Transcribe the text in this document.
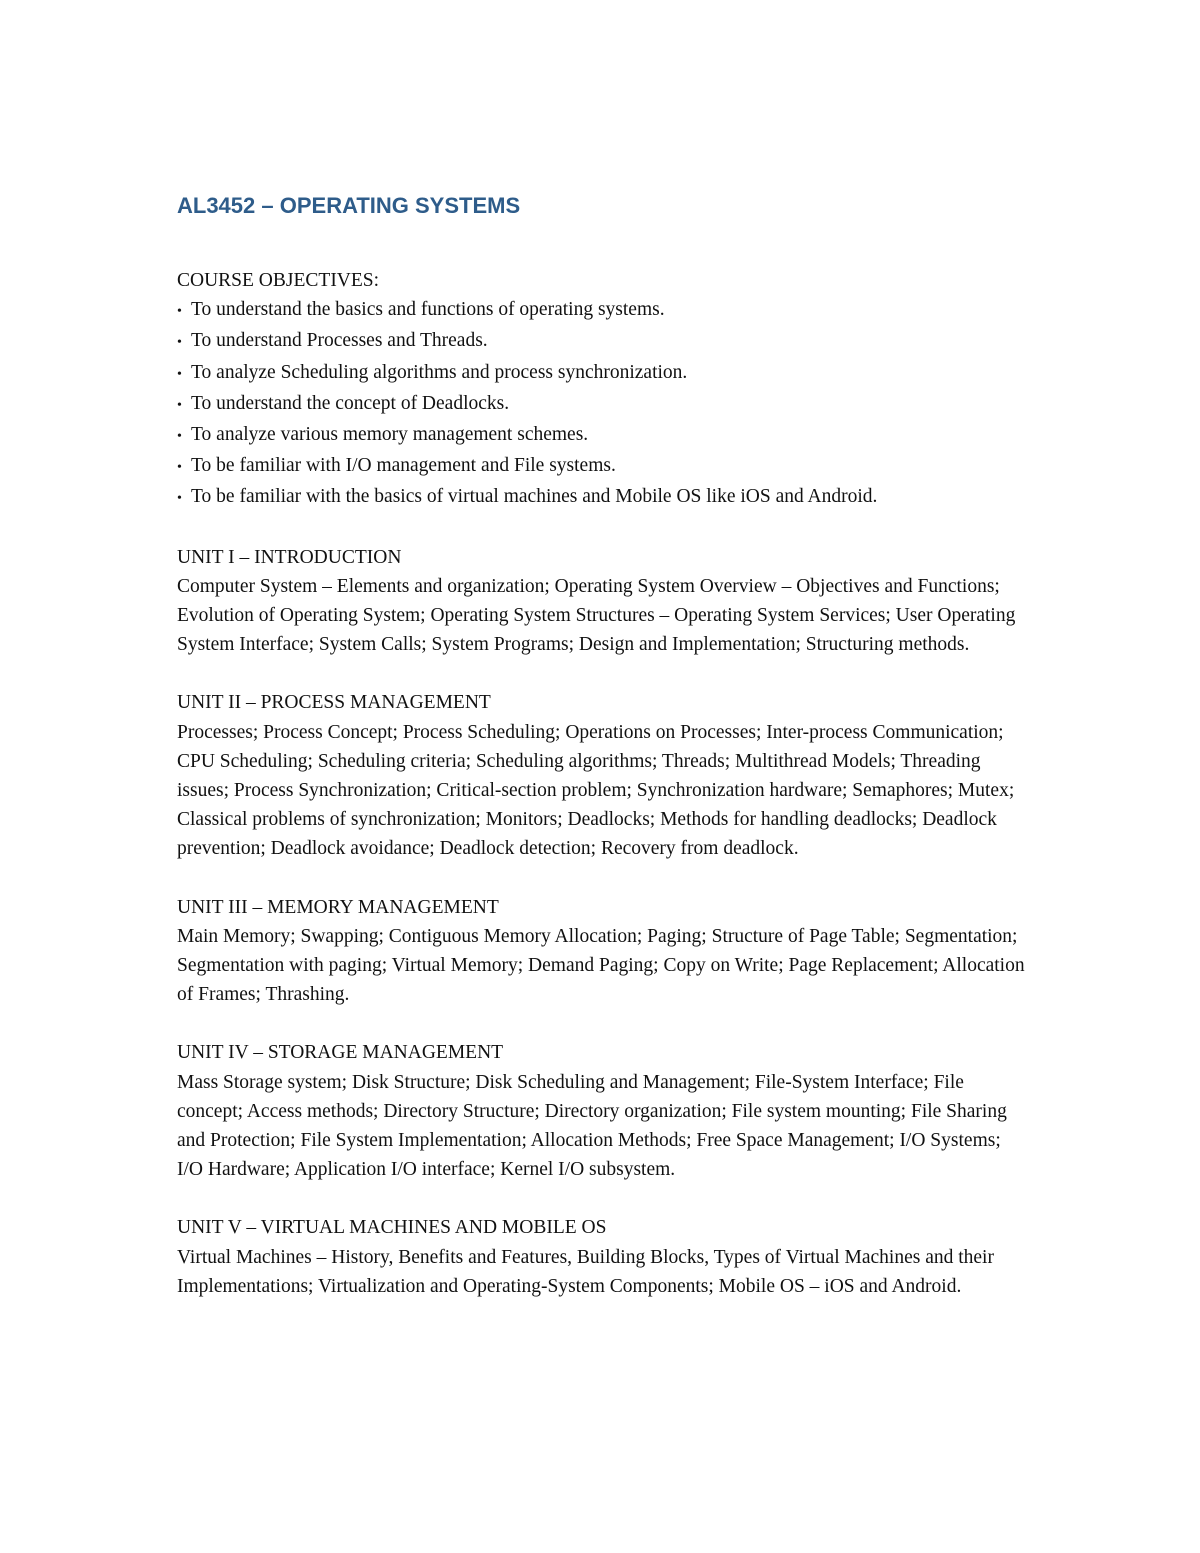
AL3452 – OPERATING SYSTEMS

COURSE OBJECTIVES:

• To understand the basics and functions of operating systems.
• To understand Processes and Threads.
• To analyze Scheduling algorithms and process synchronization.
• To understand the concept of Deadlocks.
• To analyze various memory management schemes.
• To be familiar with I/O management and File systems.
• To be familiar with the basics of virtual machines and Mobile OS like iOS and Android.

UNIT I – INTRODUCTION

Computer System – Elements and organization; Operating System Overview – Objectives and Functions; Evolution of Operating System; Operating System Structures – Operating System Services; User Operating System Interface; System Calls; System Programs; Design and Implementation; Structuring methods.

UNIT II – PROCESS MANAGEMENT

Processes; Process Concept; Process Scheduling; Operations on Processes; Inter-process Communication; CPU Scheduling; Scheduling criteria; Scheduling algorithms; Threads; Multithread Models; Threading issues; Process Synchronization; Critical-section problem; Synchronization hardware; Semaphores; Mutex; Classical problems of synchronization; Monitors; Deadlocks; Methods for handling deadlocks; Deadlock prevention; Deadlock avoidance; Deadlock detection; Recovery from deadlock.

UNIT III – MEMORY MANAGEMENT

Main Memory; Swapping; Contiguous Memory Allocation; Paging; Structure of Page Table; Segmentation; Segmentation with paging; Virtual Memory; Demand Paging; Copy on Write; Page Replacement; Allocation of Frames; Thrashing.

UNIT IV – STORAGE MANAGEMENT

Mass Storage system; Disk Structure; Disk Scheduling and Management; File-System Interface; File concept; Access methods; Directory Structure; Directory organization; File system mounting; File Sharing and Protection; File System Implementation; Allocation Methods; Free Space Management; I/O Systems; I/O Hardware; Application I/O interface; Kernel I/O subsystem.

UNIT V – VIRTUAL MACHINES AND MOBILE OS

Virtual Machines – History, Benefits and Features, Building Blocks, Types of Virtual Machines and their Implementations; Virtualization and Operating-System Components; Mobile OS – iOS and Android.
